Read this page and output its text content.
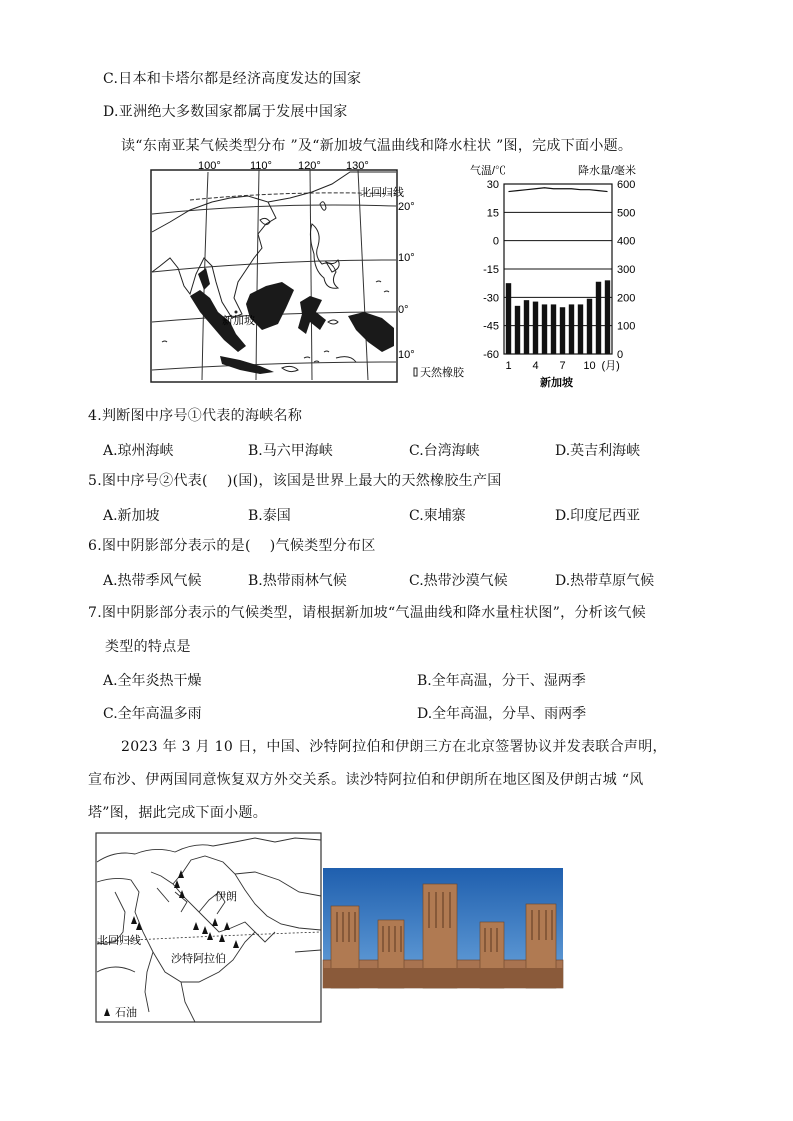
C.日本和卡塔尔都是经济高度发达的国家
D.亚洲绝大多数国家都属于发展中国家
读“东南亚某气候类型分布 ”及“新加坡气温曲线和降水柱状 ”图，完成下面小题。
100°	110° 120° 130°
20°
10°
0°
10°
北回归线
新加坡
天然橡胶
气温/℃	降水量/毫米
30
15
0
-15
-30
-45
-60
600
500
400
300
200
100
0
1 4 7 10 (月)
新加坡
4.判断图中序号①代表的海峡名称
A.琼州海峡	B.马六甲海峡	C.台湾海峡	D.英吉利海峡
5.图中序号②代表(　 )(国)，该国是世界上最大的天然橡胶生产国
A.新加坡	B.泰国	C.柬埔寨	D.印度尼西亚
6.图中阴影部分表示的是(　 )气候类型分布区
A.热带季风气候	B.热带雨林气候	C.热带沙漠气候	D.热带草原气候
7.图中阴影部分表示的气候类型，请根据新加坡“气温曲线和降水量柱状图”，分析该气候
类型的特点是
A.全年炎热干燥	B.全年高温，分干、湿两季
C.全年高温多雨	D.全年高温，分旱、雨两季
2023 年 3 月 10 日，中国、沙特阿拉伯和伊朗三方在北京签署协议并发表联合声明，
宣布沙、伊两国同意恢复双方外交关系。读沙特阿拉伯和伊朗所在地区图及伊朗古城 “风
塔”图，据此完成下面小题。
伊朗
沙特阿拉伯
北回归线
石油
